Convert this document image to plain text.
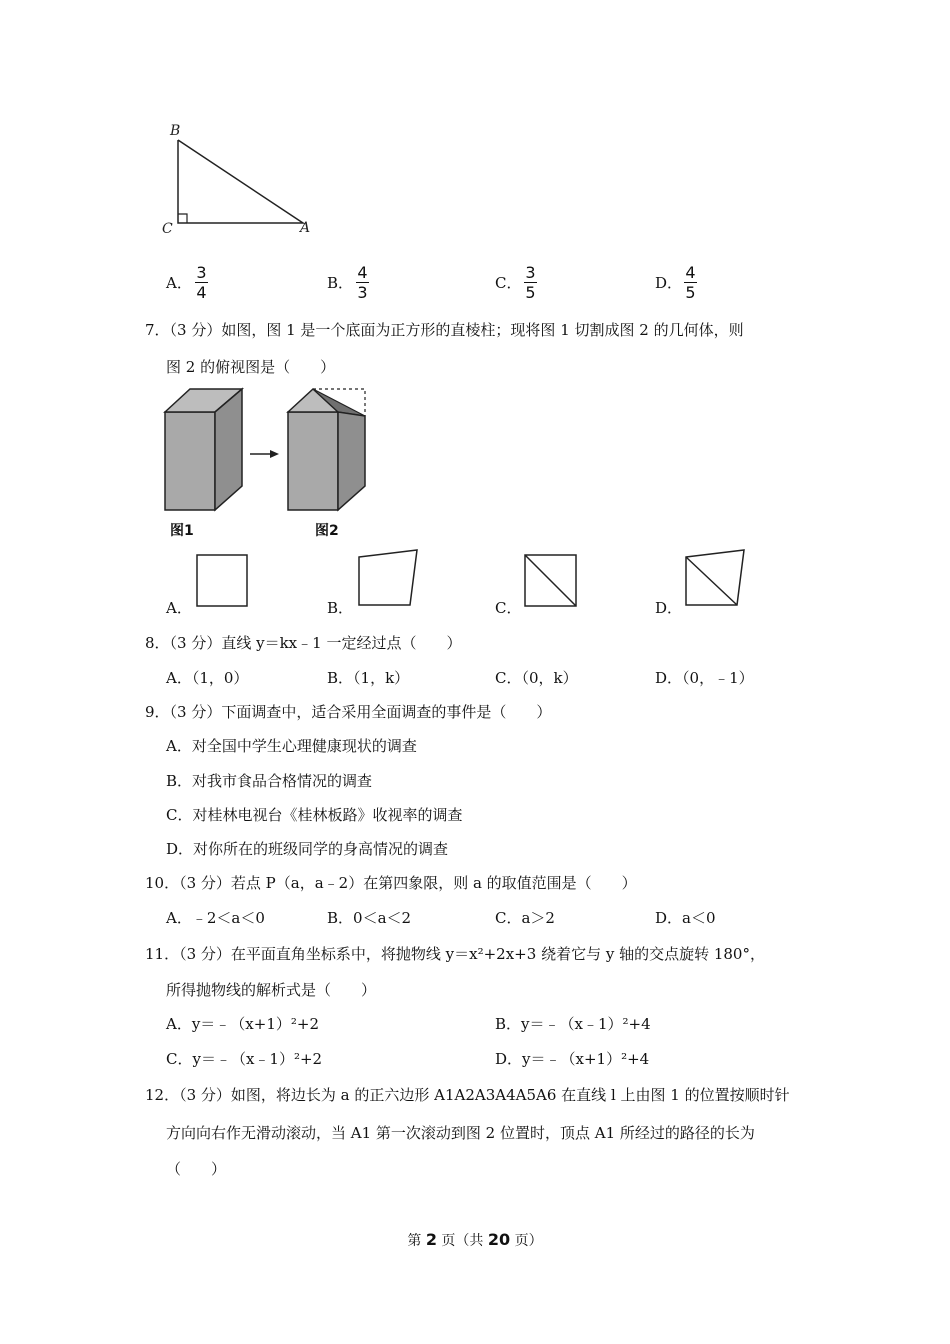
B
C	A
A．
3
4	B．
4
3	C．
3
5	D．
4
5
7．（3 分）如图，图 1 是一个底面为正方形的直棱柱；现将图 1 切割成图 2 的几何体，则
图 2 的俯视图是（　　）
图1	图2
A．	B．	C．	D．
8．（3 分）直线 y＝kx﹣1 一定经过点（　　）
A．（1，0）	B．（1，k）	C．（0，k）	D．（0，﹣1）
9．（3 分）下面调查中，适合采用全面调查的事件是（　　）
A．对全国中学生心理健康现状的调查
B．对我市食品合格情况的调查
C．对桂林电视台《桂林板路》收视率的调查
D．对你所在的班级同学的身高情况的调查
10．（3 分）若点 P（a，a﹣2）在第四象限，则 a 的取值范围是（　　）
A．﹣2＜a＜0	B．0＜a＜2	C．a＞2	D．a＜0
11．（3 分）在平面直角坐标系中，将抛物线 y＝x²+2x+3 绕着它与 y 轴的交点旋转 180°，
所得抛物线的解析式是（　　）
A．y＝﹣（x+1）²+2	B．y＝﹣（x﹣1）²+4
C．y＝﹣（x﹣1）²+2	D．y＝﹣（x+1）²+4
12．（3 分）如图，将边长为 a 的正六边形 A1A2A3A4A5A6 在直线 l 上由图 1 的位置按顺时针
方向向右作无滑动滚动，当 A1 第一次滚动到图 2 位置时，顶点 A1 所经过的路径的长为
（　　）
第 2 页（共 20 页）
